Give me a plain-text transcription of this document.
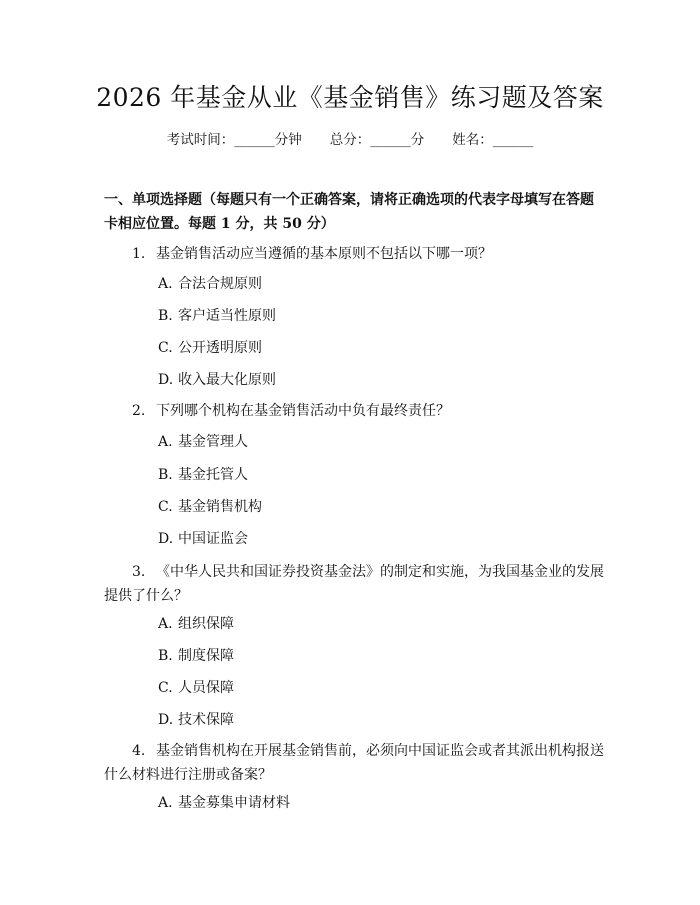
2026 年基金从业《基金销售》练习题及答案
考试时间：______分钟 总分：______分 姓名：______
一、单项选择题（每题只有一个正确答案，请将正确选项的代表字母填写在答题卡相应位置。每题 1 分，共 50 分）
1. 基金销售活动应当遵循的基本原则不包括以下哪一项？
A. 合法合规原则
B. 客户适当性原则
C. 公开透明原则
D. 收入最大化原则
2. 下列哪个机构在基金销售活动中负有最终责任？
A. 基金管理人
B. 基金托管人
C. 基金销售机构
D. 中国证监会
3. 《中华人民共和国证券投资基金法》的制定和实施，为我国基金业的发展提供了什么？
A. 组织保障
B. 制度保障
C. 人员保障
D. 技术保障
4. 基金销售机构在开展基金销售前，必须向中国证监会或者其派出机构报送什么材料进行注册或备案？
A. 基金募集申请材料
